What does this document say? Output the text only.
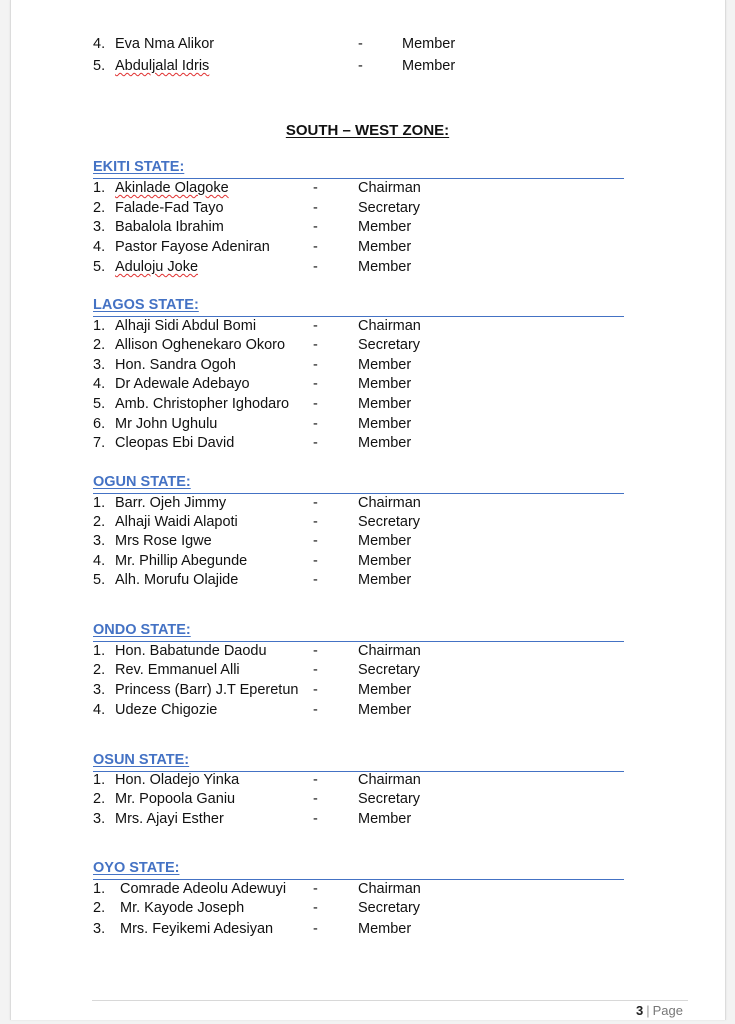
4. Eva Nma Alikor	-	Member
5. Abduljalal Idris	-	Member
SOUTH – WEST ZONE:
EKITI STATE:
1. Akinlade Olagoke	-	Chairman
2. Falade-Fad Tayo	-	Secretary
3. Babalola Ibrahim	-	Member
4. Pastor Fayose Adeniran	-	Member
5. Aduloju Joke	-	Member
LAGOS STATE:
1. Alhaji Sidi Abdul Bomi	-	Chairman
2. Allison Oghenekaro Okoro -	Secretary
3. Hon. Sandra Ogoh	-	Member
4. Dr Adewale Adebayo	-	Member
5. Amb. Christopher Ighodaro -	Member
6. Mr John Ughulu	-	Member
7. Cleopas Ebi David	-	Member
OGUN STATE:
1. Barr. Ojeh Jimmy	-	Chairman
2. Alhaji Waidi Alapoti	-	Secretary
3. Mrs Rose Igwe	-	Member
4. Mr. Phillip Abegunde	-	Member
5. Alh. Morufu Olajide	-	Member
ONDO STATE:
1. Hon. Babatunde Daodu	-	Chairman
2. Rev. Emmanuel Alli	-	Secretary
3. Princess (Barr) J.T Eperetun -	Member
4. Udeze Chigozie	-	Member
OSUN STATE:
1. Hon. Oladejo Yinka	-	Chairman
2. Mr. Popoola Ganiu	-	Secretary
3. Mrs. Ajayi Esther	-	Member
OYO STATE:
1. Comrade Adeolu Adewuyi -	Chairman
2. Mr. Kayode Joseph	-	Secretary
3. Mrs. Feyikemi Adesiyan	-	Member
3 | Page
